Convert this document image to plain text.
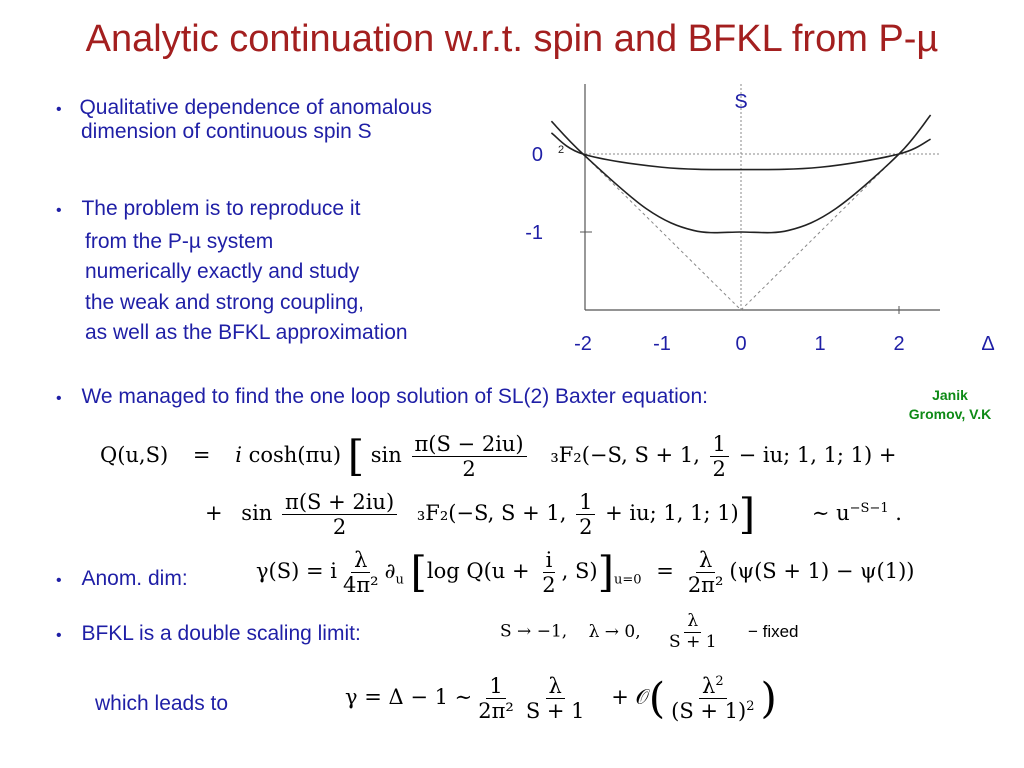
Analytic continuation w.r.t. spin and BFKL from P-µ
• Qualitative dependence of anomalous
dimension of continuous spin S
• The problem is to reproduce it
from the P-µ system
numerically exactly and study
the weak and strong coupling,
as well as the BFKL approximation	-2	-1	0	1	2
0
-1
2
S
Δ
• We managed to find the one loop solution of SL(2) Baxter equation:	Janik
Gromov, V.K
Q(u,S) = i cosh(πu) [ $\sin \frac{\pi(S - 2iu)}{2} _3F_2(-S$, S + 1, $\frac{1}{2}$ − iu; 1, 1; 1) +
+ $\sin \frac{\pi(S + 2iu)}{2} _3F_2(-S$, S + 1, $\frac{1}{2}$ + iu; 1, 1; 1)]	∼ $u^{-S-1}$ .
• Anom. dim:	γ(S) = i $\frac{\lambda}{\text{4π²}} \partial_u$ [log $Q(u + \frac{i}{2}$ , $S)]_{u=0} = \frac{\lambda}{\text{2π²}} (\psi(S + 1) - \psi(1))$
• BFKL is a double scaling limit:	S → −1, λ → 0, $\frac{\lambda}{S + 1}$ − fixed
which leads to	γ = Δ − 1 ∼ $\frac{1}{\text{2π²}} \frac{\lambda}{S + 1}$ + 𝒪( $\frac{\lambda^2}{(S + 1)^2}$ )
